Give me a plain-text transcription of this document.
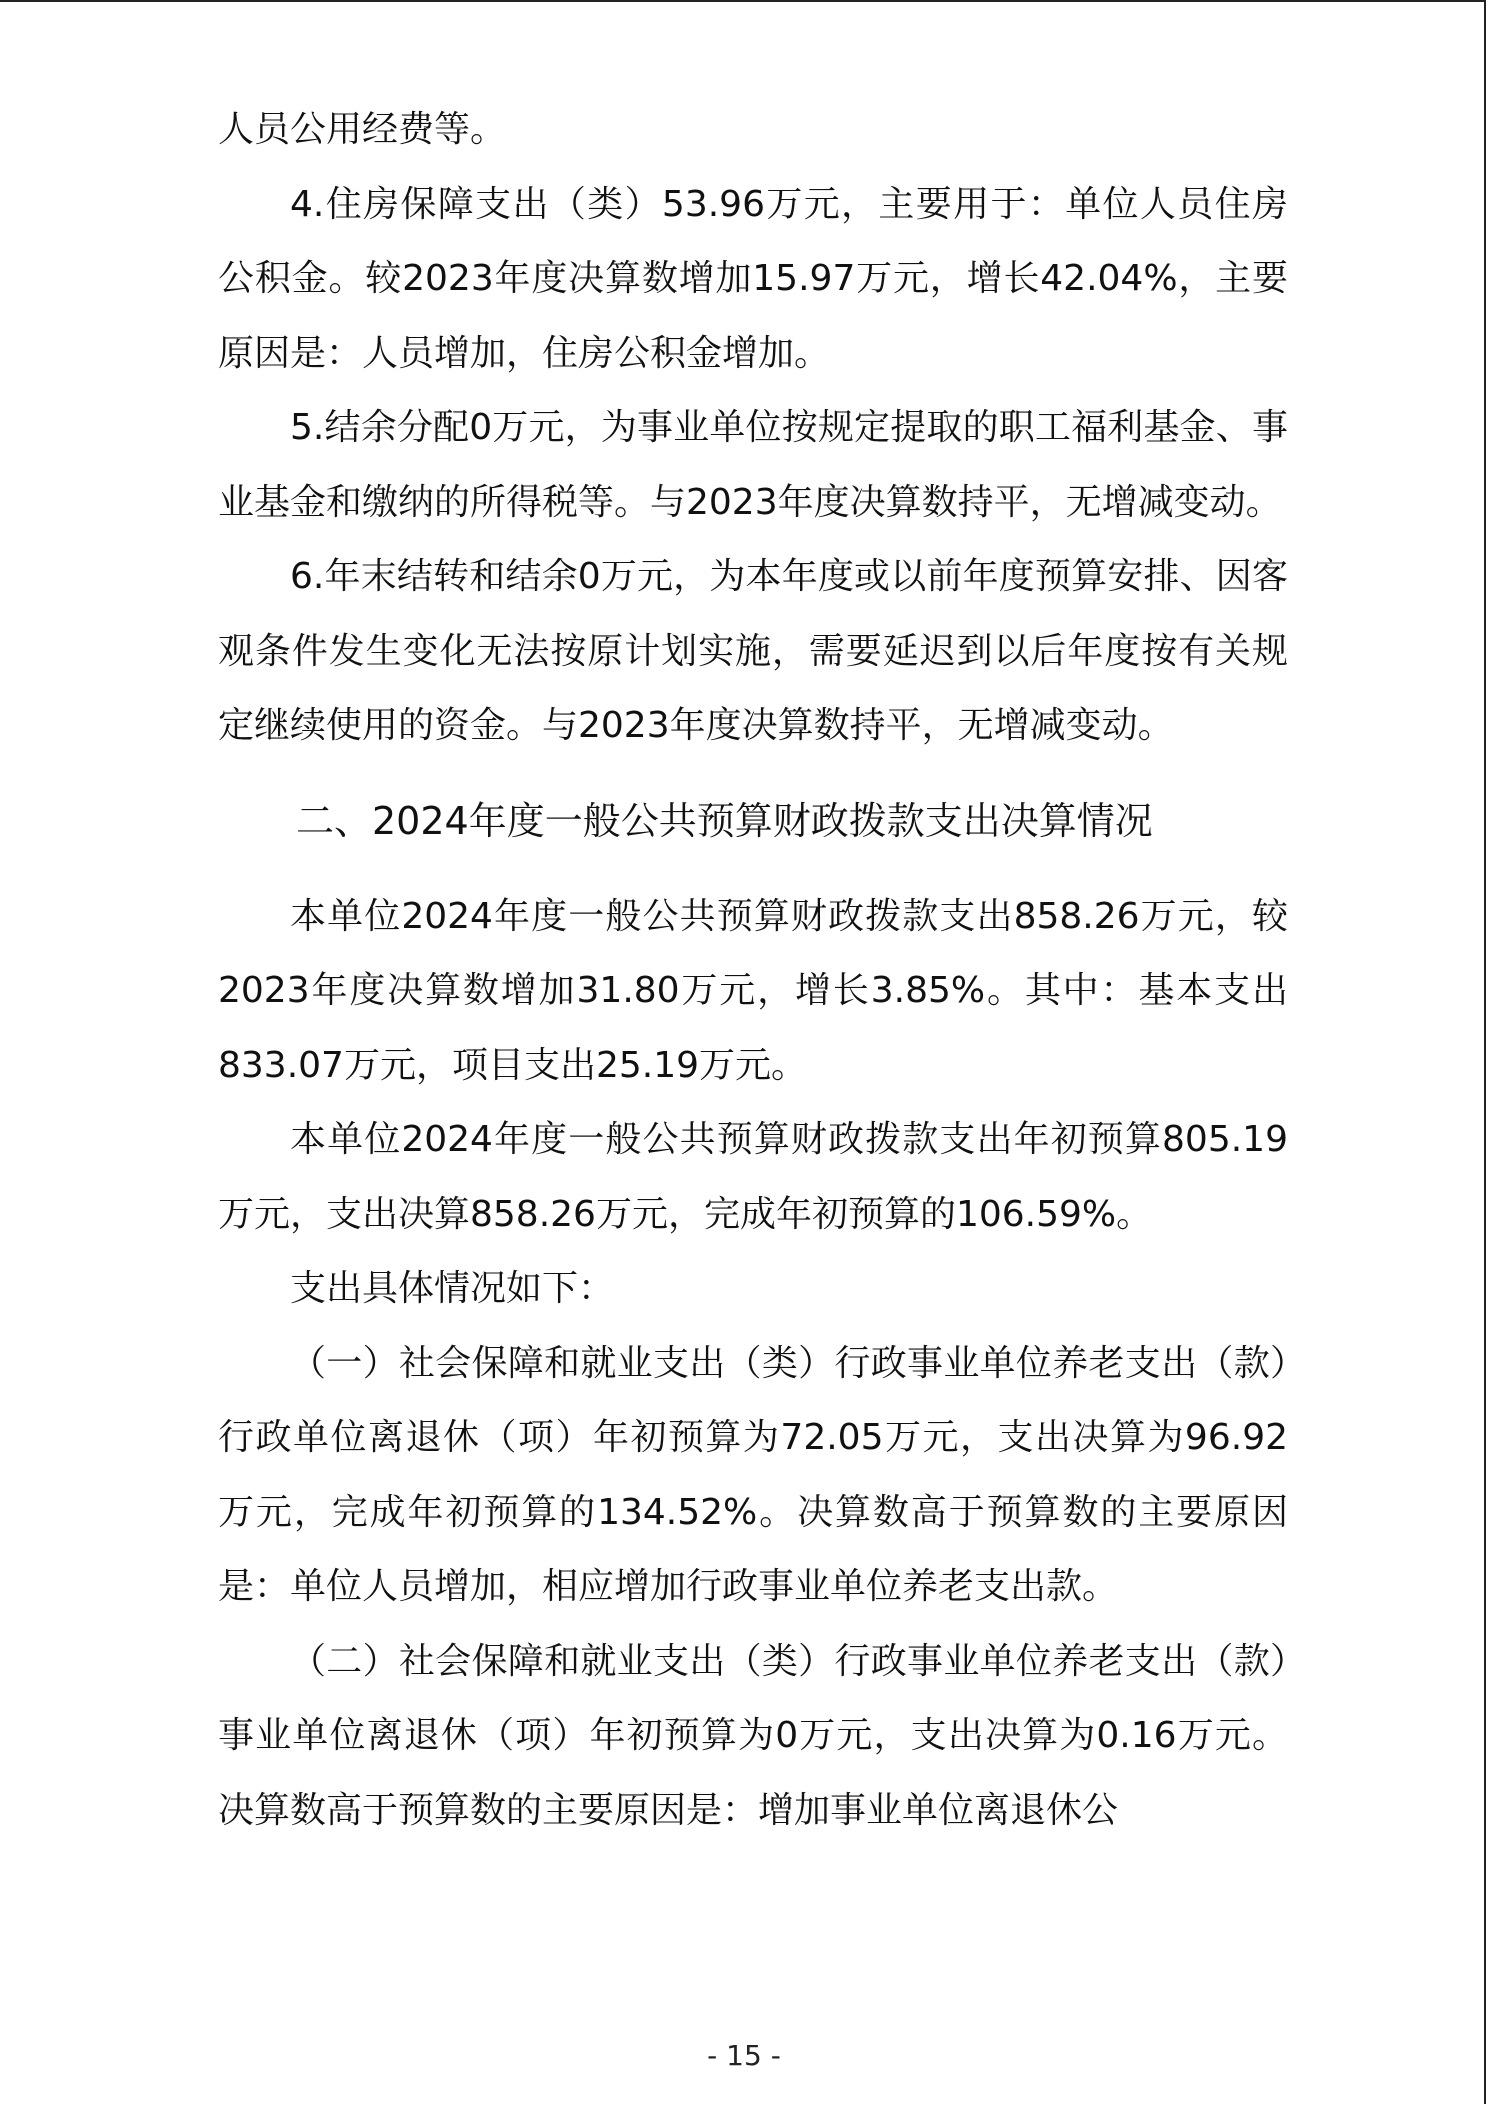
人员公用经费等。

4.住房保障支出（类）53.96万元，主要用于：单位人员住房公积金。较2023年度决算数增加15.97万元，增长42.04%，主要原因是：人员增加，住房公积金增加。

5.结余分配0万元，为事业单位按规定提取的职工福利基金、事业基金和缴纳的所得税等。与2023年度决算数持平，无增减变动。

6.年末结转和结余0万元，为本年度或以前年度预算安排、因客观条件发生变化无法按原计划实施，需要延迟到以后年度按有关规定继续使用的资金。与2023年度决算数持平，无增减变动。

二、2024年度一般公共预算财政拨款支出决算情况

本单位2024年度一般公共预算财政拨款支出858.26万元，较2023年度决算数增加31.80万元，增长3.85%。其中：基本支出833.07万元，项目支出25.19万元。

本单位2024年度一般公共预算财政拨款支出年初预算805.19万元，支出决算858.26万元，完成年初预算的106.59%。

支出具体情况如下：

（一）社会保障和就业支出（类）行政事业单位养老支出（款）行政单位离退休（项）年初预算为72.05万元，支出决算为96.92万元，完成年初预算的134.52%。决算数高于预算数的主要原因是：单位人员增加，相应增加行政事业单位养老支出款。

（二）社会保障和就业支出（类）行政事业单位养老支出（款）事业单位离退休（项）年初预算为0万元，支出决算为0.16万元。决算数高于预算数的主要原因是：增加事业单位离退休公

- 15 -
